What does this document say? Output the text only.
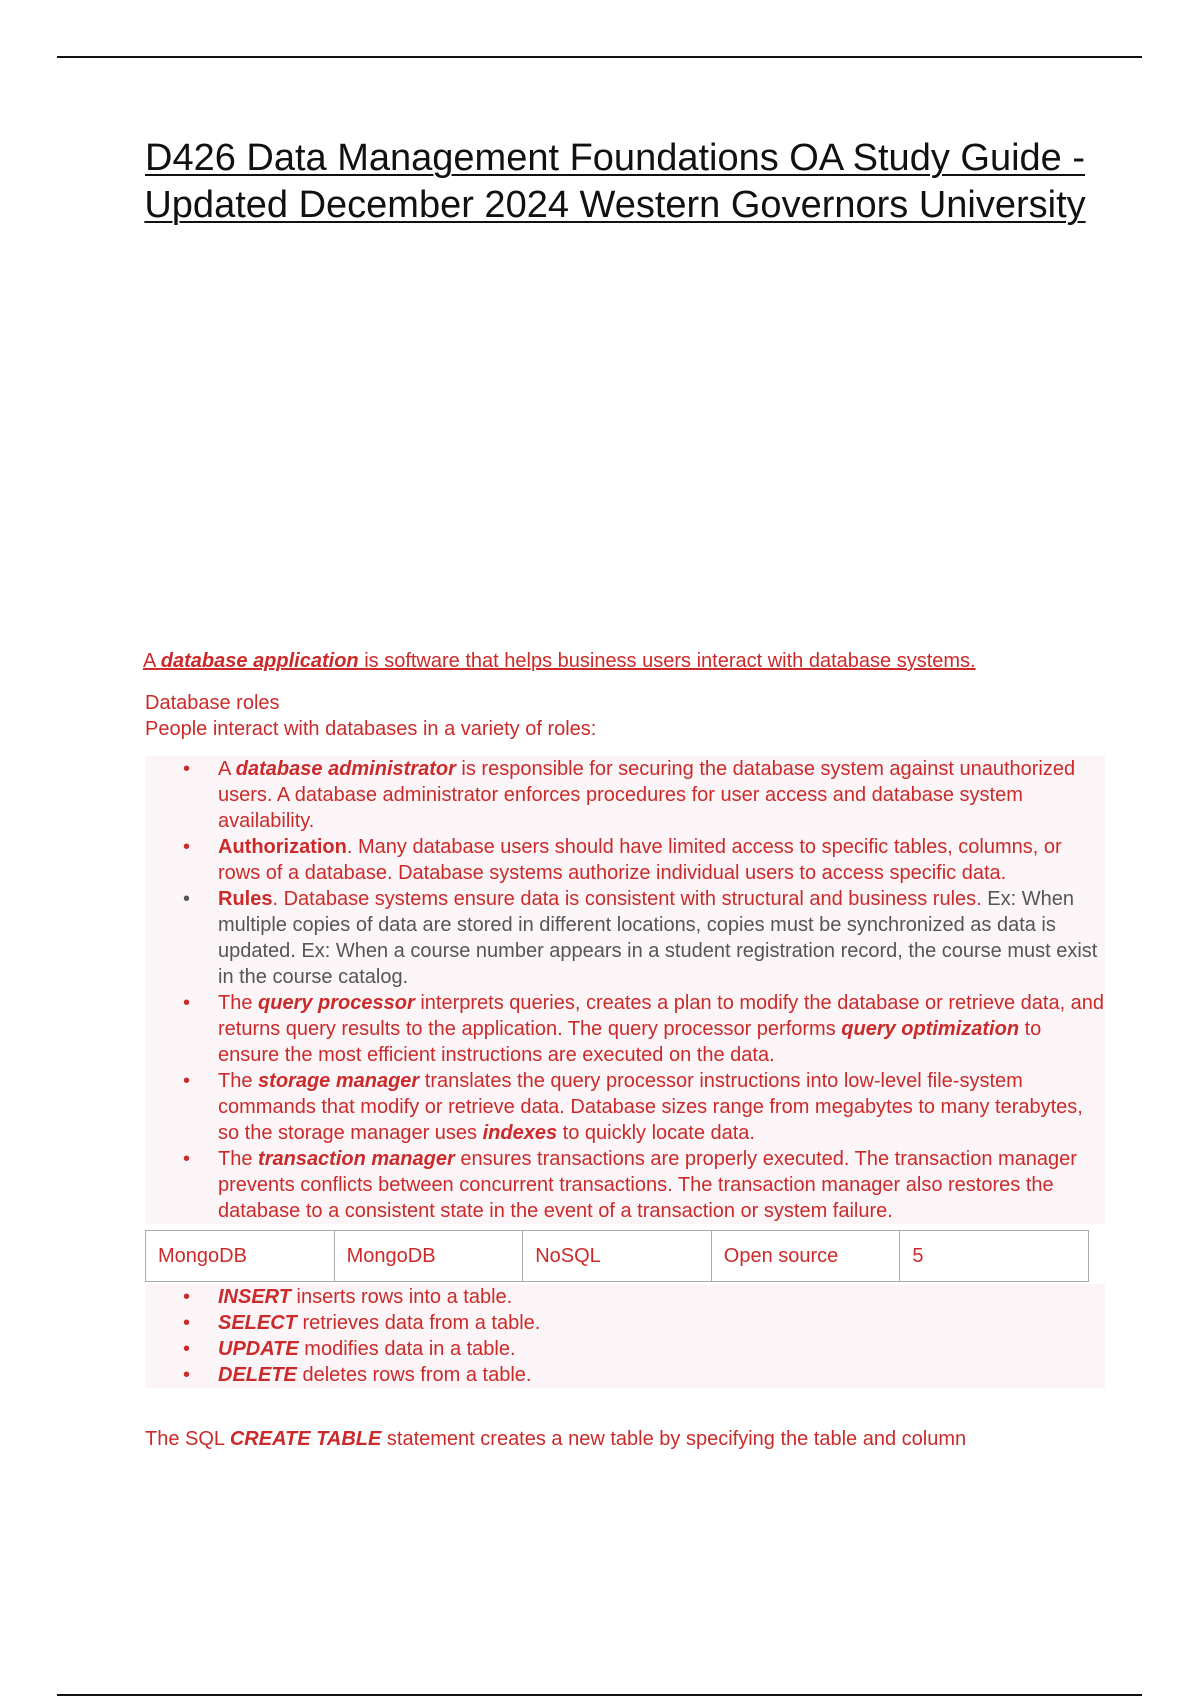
D426 Data Management Foundations OA Study Guide - Updated December 2024 Western Governors University
A database application is software that helps business users interact with database systems.
Database roles
People interact with databases in a variety of roles:
• A database administrator is responsible for securing the database system against unauthorized users. A database administrator enforces procedures for user access and database system availability.
• Authorization. Many database users should have limited access to specific tables, columns, or rows of a database. Database systems authorize individual users to access specific data.
• Rules. Database systems ensure data is consistent with structural and business rules. Ex: When multiple copies of data are stored in different locations, copies must be synchronized as data is updated. Ex: When a course number appears in a student registration record, the course must exist in the course catalog.
• The query processor interprets queries, creates a plan to modify the database or retrieve data, and returns query results to the application. The query processor performs query optimization to ensure the most efficient instructions are executed on the data.
• The storage manager translates the query processor instructions into low-level file-system commands that modify or retrieve data. Database sizes range from megabytes to many terabytes, so the storage manager uses indexes to quickly locate data.
• The transaction manager ensures transactions are properly executed. The transaction manager prevents conflicts between concurrent transactions. The transaction manager also restores the database to a consistent state in the event of a transaction or system failure.
MongoDB	MongoDB	NoSQL	Open source	5
• INSERT inserts rows into a table.
• SELECT retrieves data from a table.
• UPDATE modifies data in a table.
• DELETE deletes rows from a table.
The SQL CREATE TABLE statement creates a new table by specifying the table and column
